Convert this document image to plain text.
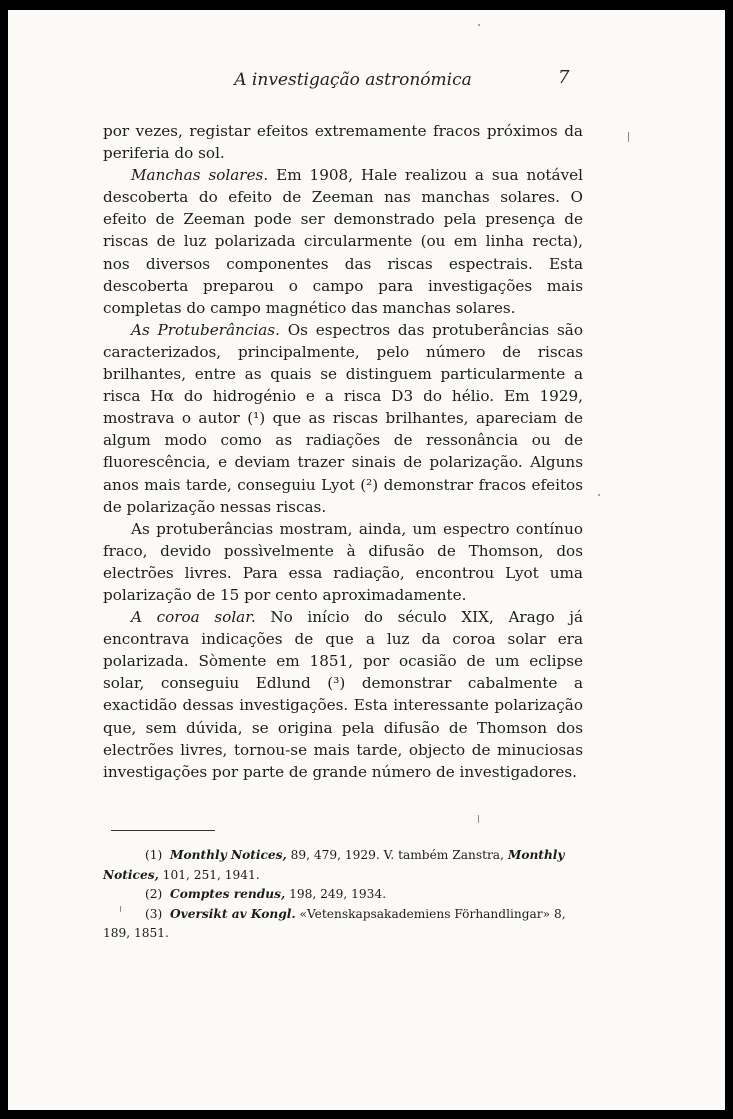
A investigação astronómica	7

por vezes, registar efeitos extremamente fracos próximos da periferia do sol.

Manchas solares. Em 1908, Hale realizou a sua notável descoberta do efeito de Zeeman nas manchas solares. O efeito de Zeeman pode ser demonstrado pela presença de riscas de luz polarizada circularmente (ou em linha recta), nos diversos componentes das riscas espectrais. Esta descoberta preparou o campo para investigações mais completas do campo magnético das manchas solares.

As Protuberâncias. Os espectros das protuberâncias são caracterizados, principalmente, pelo número de riscas brilhantes, entre as quais se distinguem particularmente a risca Hα do hidrogénio e a risca D3 do hélio. Em 1929, mostrava o autor (¹) que as riscas brilhantes, apareciam de algum modo como as radiações de ressonância ou de fluorescência, e deviam trazer sinais de polarização. Alguns anos mais tarde, conseguiu Lyot (²) demonstrar fracos efeitos de polarização nessas riscas.

As protuberâncias mostram, ainda, um espectro contínuo fraco, devido possìvelmente à difusão de Thomson, dos electrões livres. Para essa radiação, encontrou Lyot uma polarização de 15 por cento aproximadamente.

A coroa solar. No início do século XIX, Arago já encontrava indicações de que a luz da coroa solar era polarizada. Sòmente em 1851, por ocasião de um eclipse solar, conseguiu Edlund (³) demonstrar cabalmente a exactidão dessas investigações. Esta interessante polarização que, sem dúvida, se origina pela difusão de Thomson dos electrões livres, tornou-se mais tarde, objecto de minuciosas investigações por parte de grande número de investigadores.

(1) Monthly Notices, 89, 479, 1929. V. também Zanstra, Monthly Notices, 101, 251, 1941.

(2) Comptes rendus, 198, 249, 1934.

(3) Oversikt av Kongl. «Vetenskapsakademiens Förhandlingar» 8, 189, 1851.
